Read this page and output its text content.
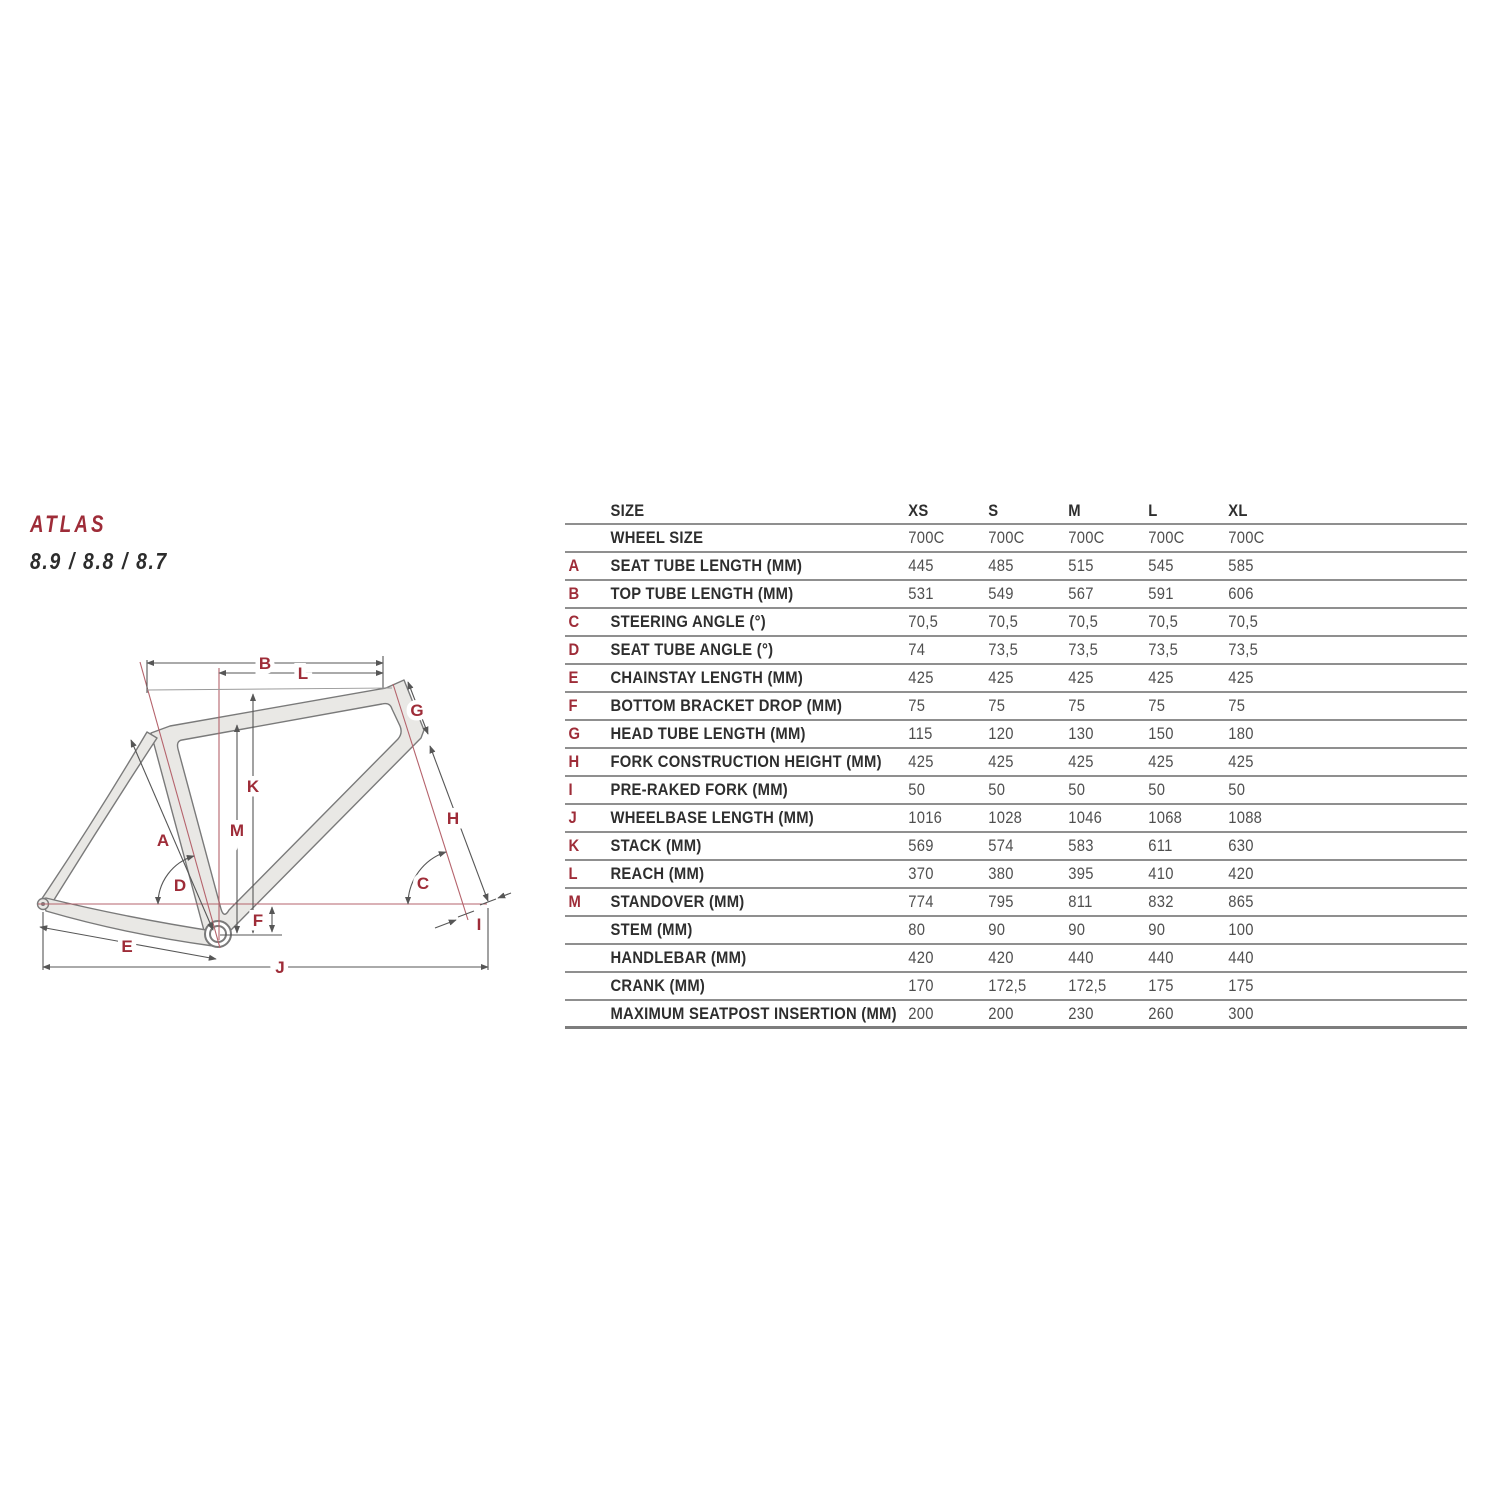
ATLAS
8.9 / 8.8 / 8.7
B
L
G
K
M
A
H
D	C
F
E
I
J
SIZE	XS	S	M	L	XL
WHEEL SIZE	700C	700C	700C	700C	700C
A	SEAT TUBE LENGTH (MM)	445	485	515	545	585
B	TOP TUBE LENGTH (MM)	531	549	567	591	606
C	STEERING ANGLE (°)	70,5	70,5	70,5	70,5	70,5
D	SEAT TUBE ANGLE (°)	74	73,5	73,5	73,5	73,5
E	CHAINSTAY LENGTH (MM)	425	425	425	425	425
F	BOTTOM BRACKET DROP (MM)	75	75	75	75	75
G	HEAD TUBE LENGTH (MM)	115	120	130	150	180
H	FORK CONSTRUCTION HEIGHT (MM)	425	425	425	425	425
I	PRE-RAKED FORK (MM)	50	50	50	50	50
J	WHEELBASE LENGTH (MM)	1016	1028	1046	1068	1088
K	STACK (MM)	569	574	583	611	630
L	REACH (MM)	370	380	395	410	420
M	STANDOVER (MM)	774	795	811	832	865
STEM (MM)	80	90	90	90	100
HANDLEBAR (MM)	420	420	440	440	440
CRANK (MM)	170	172,5	172,5	175	175
MAXIMUM SEATPOST INSERTION (MM) 200	200	230	260	300
